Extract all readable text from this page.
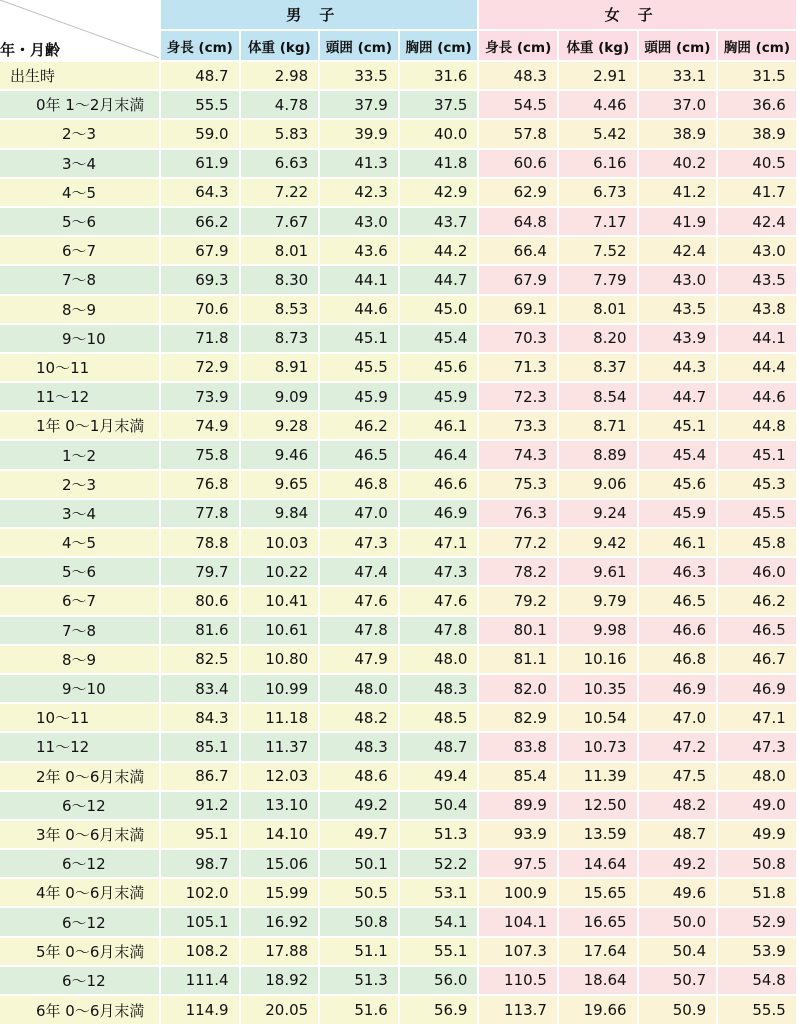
年・月齢	男子				女子			
	身長 (cm)	体重 (kg)	頭囲 (cm)	胸囲 (cm)	身長 (cm)	体重 (kg)	頭囲 (cm)	胸囲 (cm)
出生時	48.7	2.98	33.5	31.6	48.3	2.91	33.1	31.5
0年 1～2月末満	55.5	4.78	37.9	37.5	54.5	4.46	37.0	36.6
2～3	59.0	5.83	39.9	40.0	57.8	5.42	38.9	38.9
3～4	61.9	6.63	41.3	41.8	60.6	6.16	40.2	40.5
4～5	64.3	7.22	42.3	42.9	62.9	6.73	41.2	41.7
5～6	66.2	7.67	43.0	43.7	64.8	7.17	41.9	42.4
6～7	67.9	8.01	43.6	44.2	66.4	7.52	42.4	43.0
7～8	69.3	8.30	44.1	44.7	67.9	7.79	43.0	43.5
8～9	70.6	8.53	44.6	45.0	69.1	8.01	43.5	43.8
9～10	71.8	8.73	45.1	45.4	70.3	8.20	43.9	44.1
10～11	72.9	8.91	45.5	45.6	71.3	8.37	44.3	44.4
11～12	73.9	9.09	45.9	45.9	72.3	8.54	44.7	44.6
1年 0～1月末満	74.9	9.28	46.2	46.1	73.3	8.71	45.1	44.8
1～2	75.8	9.46	46.5	46.4	74.3	8.89	45.4	45.1
2～3	76.8	9.65	46.8	46.6	75.3	9.06	45.6	45.3
3～4	77.8	9.84	47.0	46.9	76.3	9.24	45.9	45.5
4～5	78.8	10.03	47.3	47.1	77.2	9.42	46.1	45.8
5～6	79.7	10.22	47.4	47.3	78.2	9.61	46.3	46.0
6～7	80.6	10.41	47.6	47.6	79.2	9.79	46.5	46.2
7～8	81.6	10.61	47.8	47.8	80.1	9.98	46.6	46.5
8～9	82.5	10.80	47.9	48.0	81.1	10.16	46.8	46.7
9～10	83.4	10.99	48.0	48.3	82.0	10.35	46.9	46.9
10～11	84.3	11.18	48.2	48.5	82.9	10.54	47.0	47.1
11～12	85.1	11.37	48.3	48.7	83.8	10.73	47.2	47.3
2年 0～6月末満	86.7	12.03	48.6	49.4	85.4	11.39	47.5	48.0
6～12	91.2	13.10	49.2	50.4	89.9	12.50	48.2	49.0
3年 0～6月末満	95.1	14.10	49.7	51.3	93.9	13.59	48.7	49.9
6～12	98.7	15.06	50.1	52.2	97.5	14.64	49.2	50.8
4年 0～6月末満	102.0	15.99	50.5	53.1	100.9	15.65	49.6	51.8
6～12	105.1	16.92	50.8	54.1	104.1	16.65	50.0	52.9
5年 0～6月末満	108.2	17.88	51.1	55.1	107.3	17.64	50.4	53.9
6～12	111.4	18.92	51.3	56.0	110.5	18.64	50.7	54.8
6年 0～6月末満	114.9	20.05	51.6	56.9	113.7	19.66	50.9	55.5
